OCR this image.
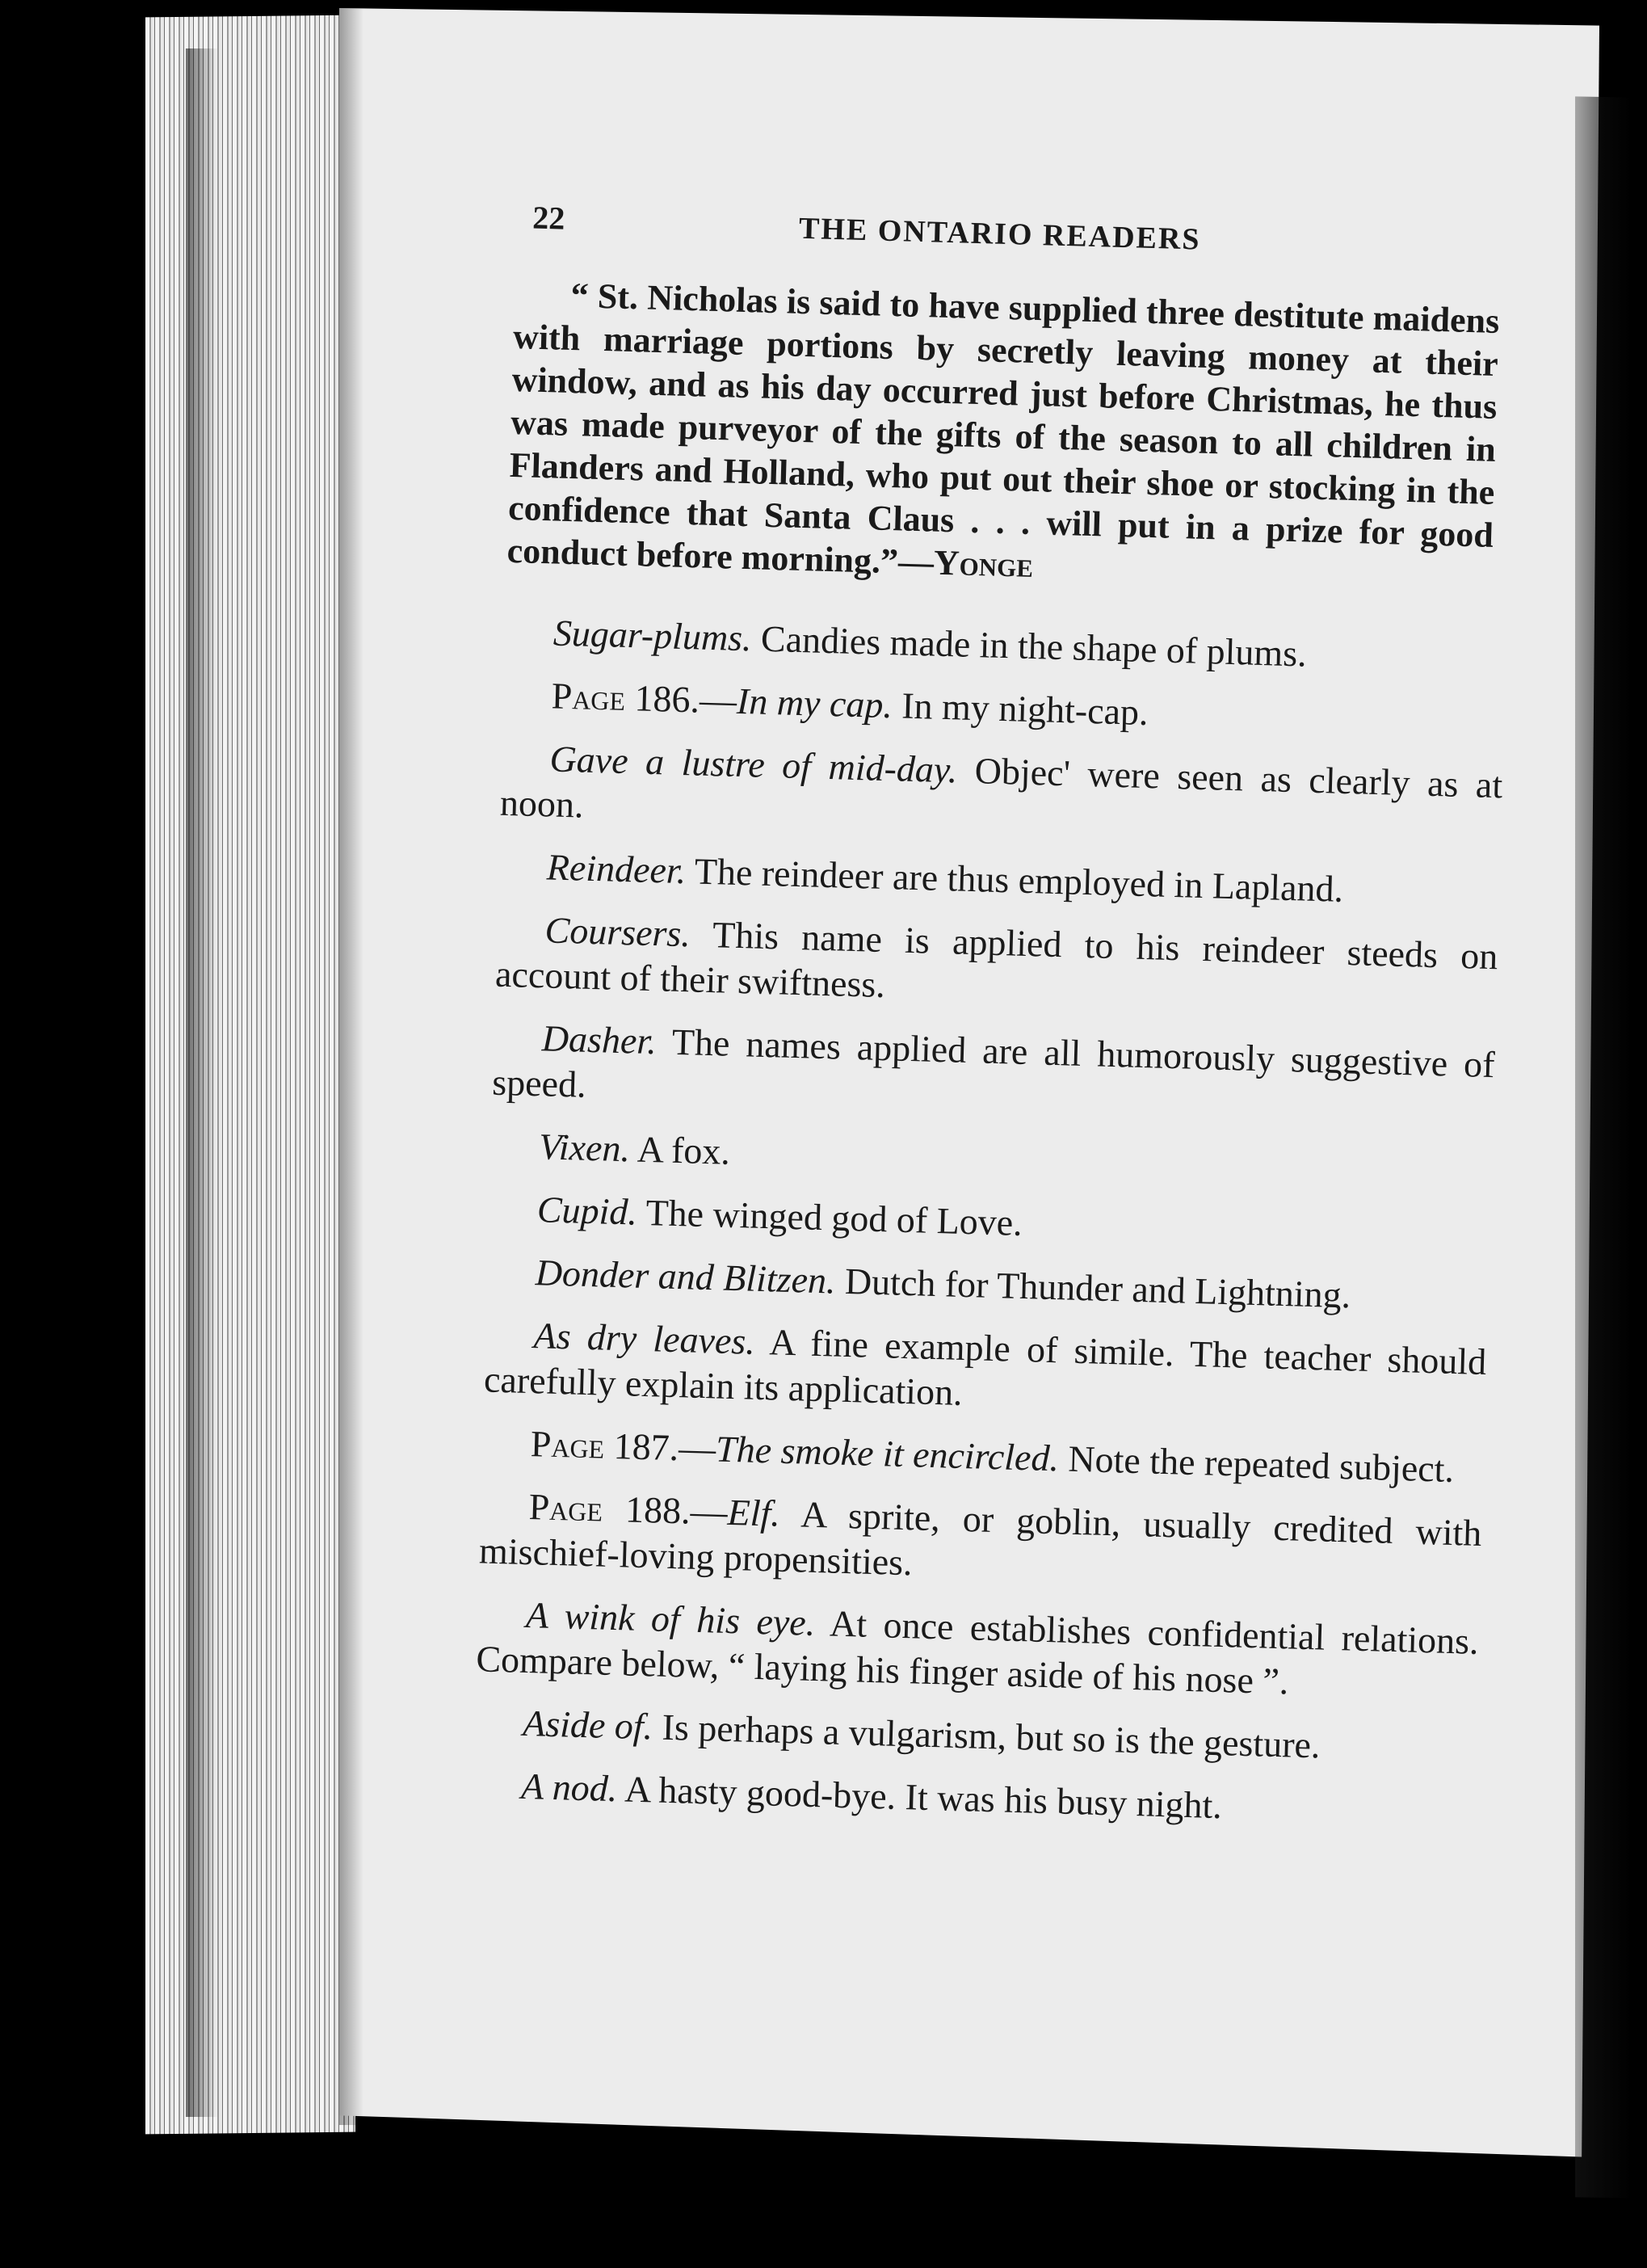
22	THE ONTARIO READERS

“ St. Nicholas is said to have supplied three destitute maidens with marriage portions by secretly leaving money at their window, and as his day occurred just before Christmas, he thus was made purveyor of the gifts of the season to all children in Flanders and Holland, who put out their shoe or stocking in the confidence that Santa Claus . . . will put in a prize for good conduct before morning.”—Yonge

Sugar-plums. Candies made in the shape of plums.

Page 186.—In my cap. In my night-cap.

Gave a lustre of mid-day. Objec' were seen as clearly as at noon.

Reindeer. The reindeer are thus employed in Lapland.

Coursers. This name is applied to his reindeer steeds on account of their swiftness.

Dasher. The names applied are all humorously suggestive of speed.

Vixen. A fox.

Cupid. The winged god of Love.

Donder and Blitzen. Dutch for Thunder and Lightning.

As dry leaves. A fine example of simile. The teacher should carefully explain its application.

Page 187.—The smoke it encircled. Note the repeated subject.

Page 188.—Elf. A sprite, or goblin, usually credited with mischief-loving propensities.

A wink of his eye. At once establishes confidential relations. Compare below, “ laying his finger aside of his nose ”.

Aside of. Is perhaps a vulgarism, but so is the gesture.

A nod. A hasty good-bye. It was his busy night.
